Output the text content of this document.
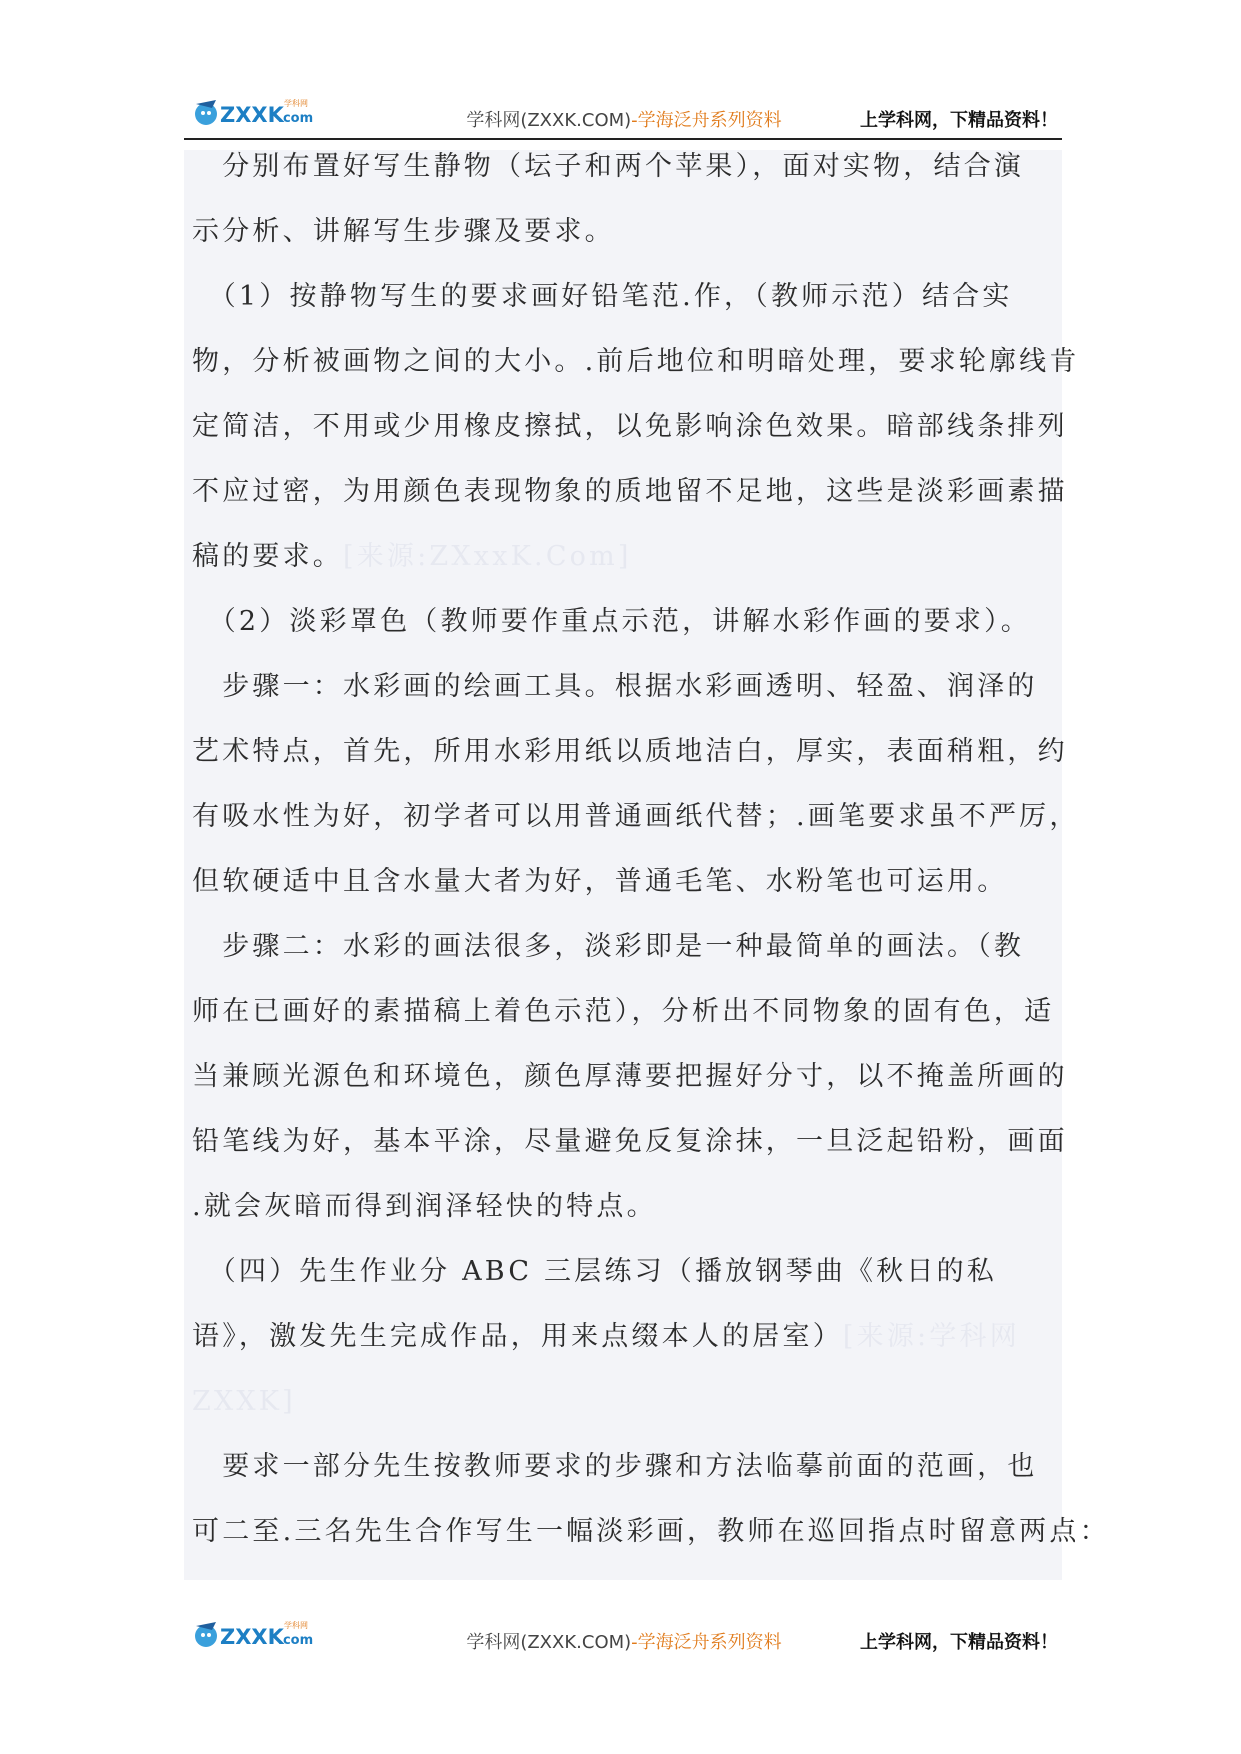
ZXXK
.com
学科网
学科网(ZXXK.COM)-学海泛舟系列资料	上学科网，下精品资料！
　分别布置好写生静物（坛子和两个苹果），面对实物，结合演
示分析、讲解写生步骤及要求。
　（1）按静物写生的要求画好铅笔范.作，（教师示范）结合实
物，分析被画物之间的大小。.前后地位和明暗处理，要求轮廓线肯
定简洁，不用或少用橡皮擦拭，以免影响涂色效果。暗部线条排列
不应过密，为用颜色表现物象的质地留不足地，这些是淡彩画素描
稿的要求。[来源:ZXxxK.Com]
　（2）淡彩罩色（教师要作重点示范，讲解水彩作画的要求）。
　步骤一：水彩画的绘画工具。根据水彩画透明、轻盈、润泽的
艺术特点，首先，所用水彩用纸以质地洁白，厚实，表面稍粗，约
有吸水性为好，初学者可以用普通画纸代替；.画笔要求虽不严厉，
但软硬适中且含水量大者为好，普通毛笔、水粉笔也可运用。
　步骤二：水彩的画法很多，淡彩即是一种最简单的画法。（教
师在已画好的素描稿上着色示范），分析出不同物象的固有色，适
当兼顾光源色和环境色，颜色厚薄要把握好分寸，以不掩盖所画的
铅笔线为好，基本平涂，尽量避免反复涂抹，一旦泛起铅粉，画面
.就会灰暗而得到润泽轻快的特点。
　（四）先生作业分 ABC 三层练习（播放钢琴曲《秋日的私
语》，激发先生完成作品，用来点缀本人的居室）[来源:学科网
ZXXK]
　要求一部分先生按教师要求的步骤和方法临摹前面的范画，也
可二至.三名先生合作写生一幅淡彩画，教师在巡回指点时留意两点：
ZXXK
.com
学科网
学科网(ZXXK.COM)-学海泛舟系列资料	上学科网，下精品资料！
